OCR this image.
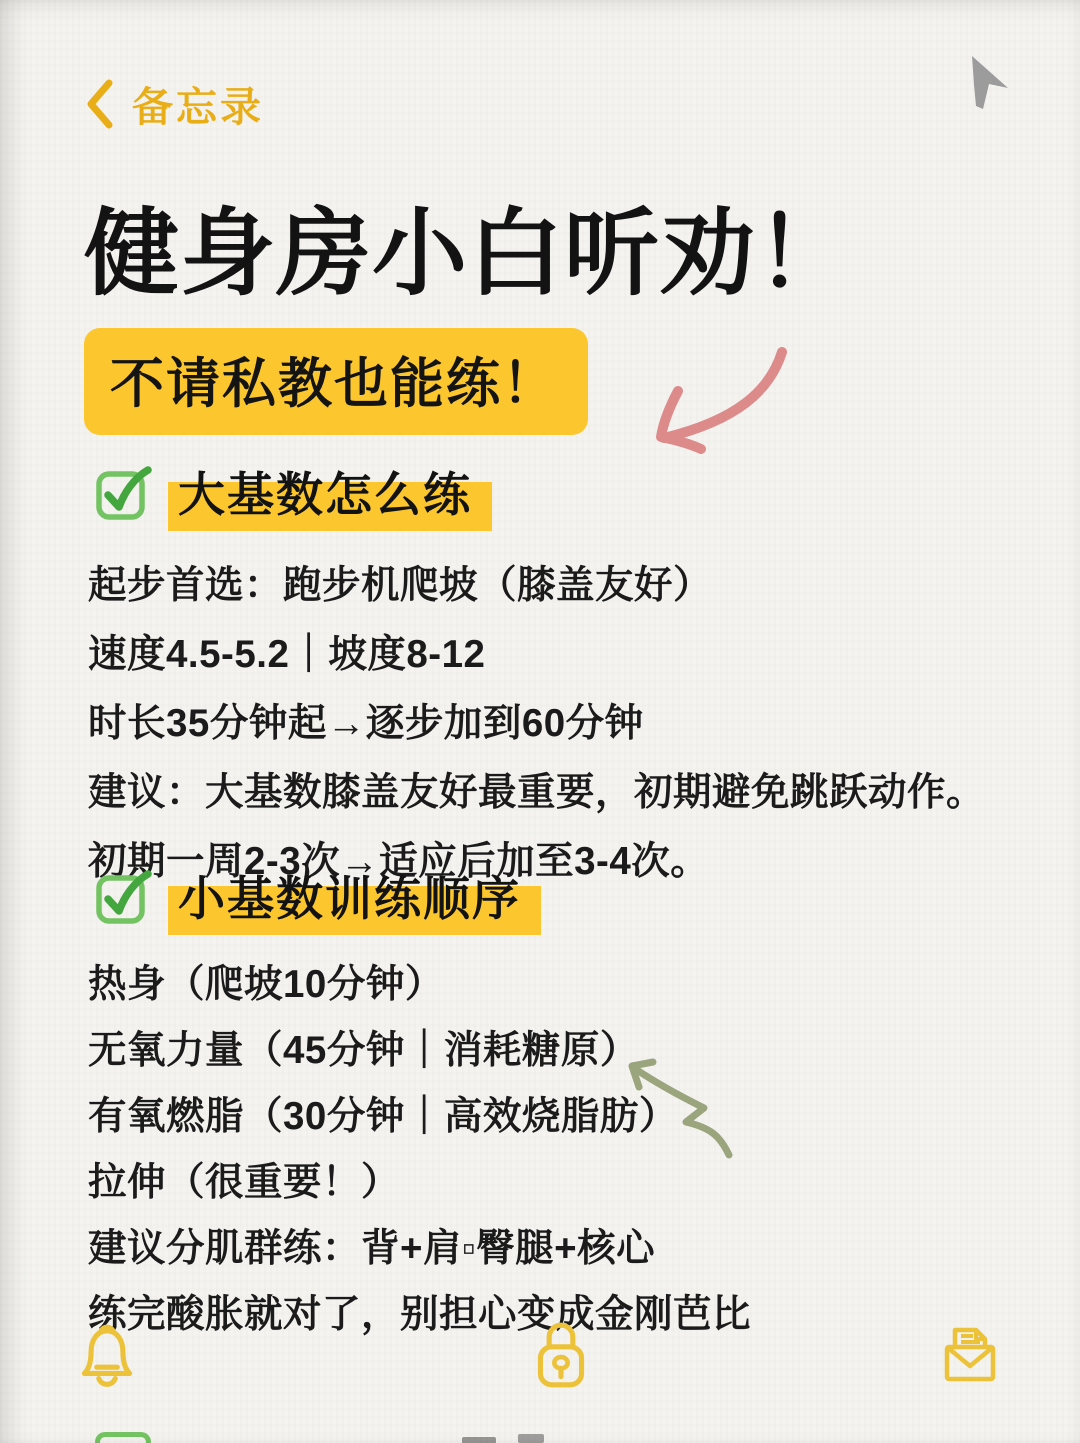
备忘录
健身房小白听劝！
不请私教也能练！
大基数怎么练
起步首选：跑步机爬坡（膝盖友好）
速度4.5-5.2｜坡度8-12
时长35分钟起→逐步加到60分钟
建议：大基数膝盖友好最重要，初期避免跳跃动作。
初期一周2-3次→适应后加至3-4次。
小基数训练顺序
热身（爬坡10分钟）
无氧力量（45分钟｜消耗糖原）
有氧燃脂（30分钟｜高效烧脂肪）
拉伸（很重要！）
建议分肌群练：背+肩▫臀腿+核心
练完酸胀就对了，别担心变成金刚芭比
